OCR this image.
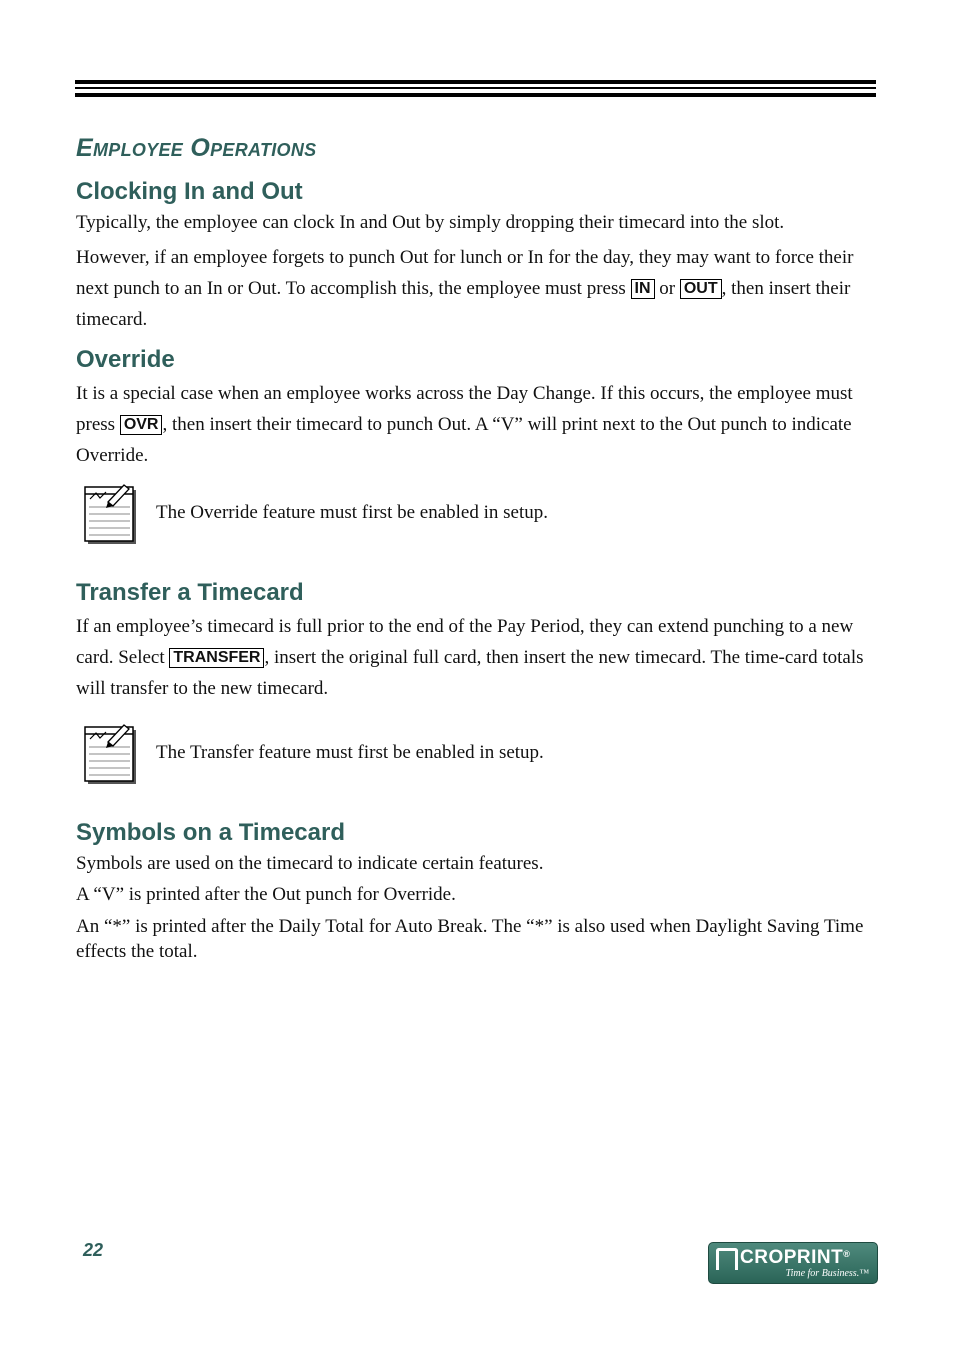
Employee Operations
Clocking In and Out

Typically, the employee can clock In and Out by simply dropping their timecard into the slot.

However, if an employee forgets to punch Out for lunch or In for the day, they may want to force their next punch to an In or Out. To accomplish this, the employee must press IN or OUT , then insert their timecard.

Override

It is a special case when an employee works across the Day Change. If this occurs, the employee must press OVR , then insert their timecard to punch Out. A “V” will print next to the Out punch to indicate Override.

The Override feature must first be enabled in setup.

Transfer a Timecard

If an employee’s timecard is full prior to the end of the Pay Period, they can extend punching to a new card. Select TRANSFER , insert the original full card, then insert the new timecard. The time-card totals will transfer to the new timecard.

The Transfer feature must first be enabled in setup.

Symbols on a Timecard

Symbols are used on the timecard to indicate certain features.

A “V” is printed after the Out punch for Override.

An “*” is printed after the Daily Total for Auto Break. The “*” is also used when Daylight Saving Time effects the total.

22	CROPRINT®
Time for Business.™
